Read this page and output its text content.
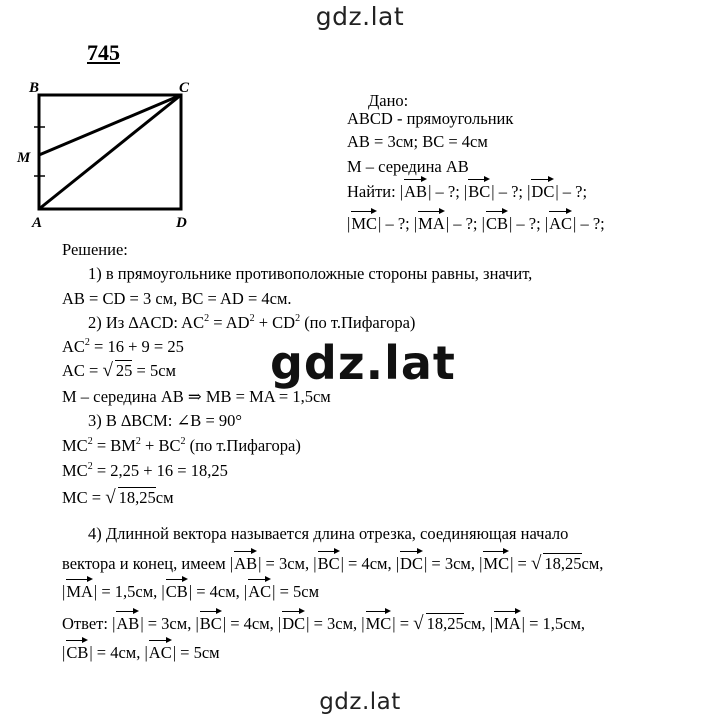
gdz.lat
gdz.lat
gdz.lat
745
B	C
M
A	D
Дано:
ABCD - прямоугольник
AB = 3см; BC = 4см
M – середина AB
Найти: |AB| – ?; |BC| – ?; |DC| – ?;
|MC| – ?; |MA| – ?; |CB| – ?; |AC| – ?;
Решение:
1) в прямоугольнике противоположные стороны равны, значит,
AB = CD = 3 см, BC = AD = 4см.
2) Из ∆ACD: $AC^2 = AD^2 + CD^2$ (по т.Пифагора)
$AC^2 = 16 + 9 = 25$
AC = √ 25 = 5см
M – середина AB ⇒ MB = MA = 1,5см
3) В ∆BCM: ∠B = 90°
$MC^2 = BM^2 + BC^2$ (по т.Пифагора)
$MC^2 = 2,25 + 16 = 18,25$
MC = √ 18,25см
4) Длинной вектора называется длина отрезка, соединяющая начало
вектора и конец, имеем |AB| = 3см, |BC| = 4см, |DC| = 3см, |MC| = √ 18,25см,
|MA| = 1,5см, |CB| = 4см, |AC| = 5см
Ответ: |AB| = 3см, |BC| = 4см, |DC| = 3см, |MC| = √ 18,25см, |MA| = 1,5см,
|CB| = 4см, |AC| = 5см
